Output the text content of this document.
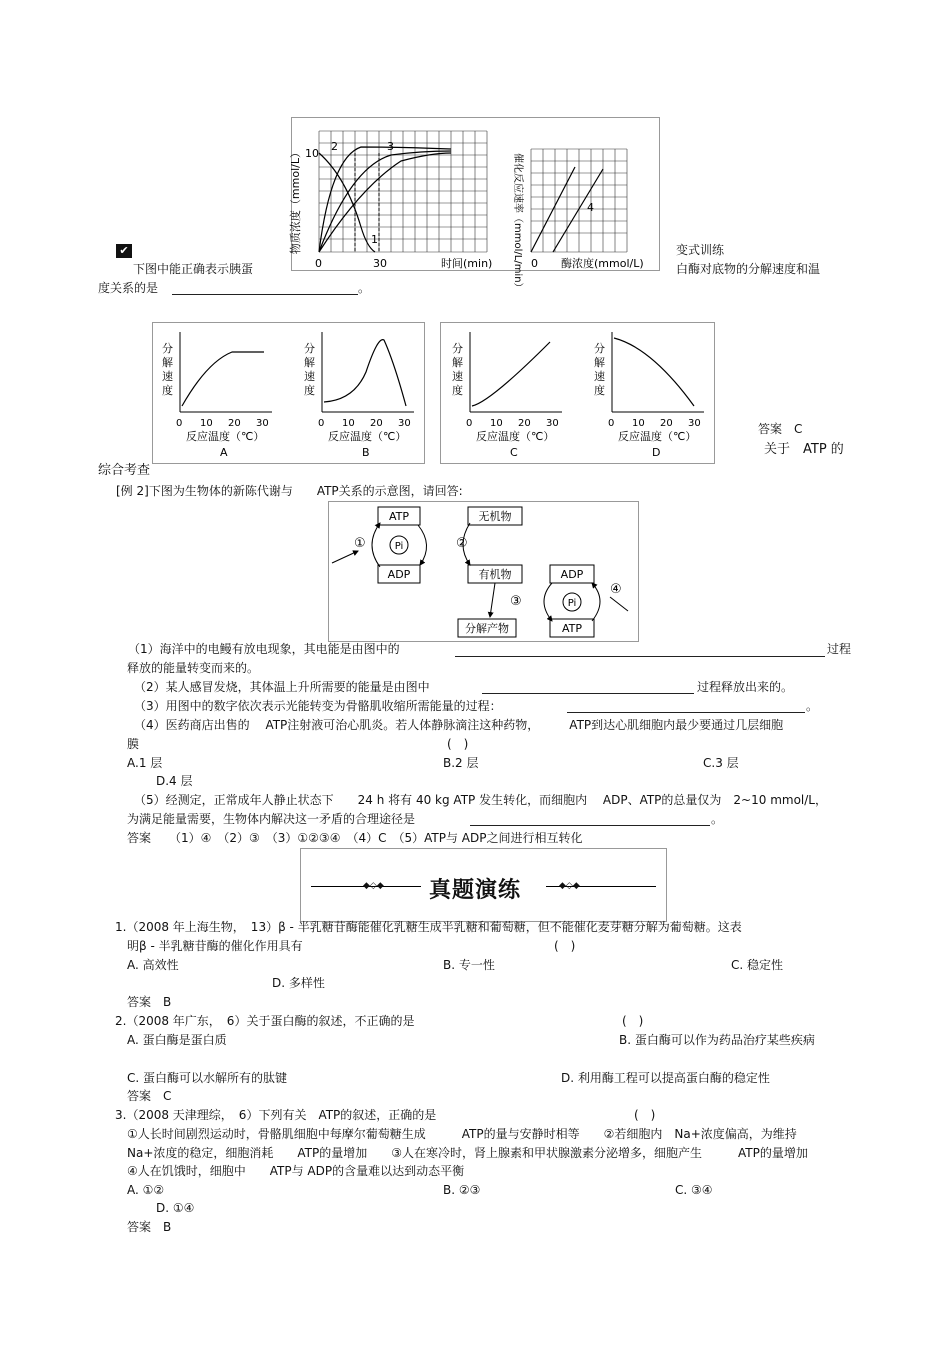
物质浓度（mmol/L） 10
0	30	时间(min)
1
2	3
催化反应速率（mmol/L/min） 0 酶浓度(mmol/L)
4
✔	变式训练
下图中能正确表示胰蛋	白酶对底物的分解速度和温
度关系的是	。
分
解
速
度
0 10 20 30
反应温度（℃）
A
分
解
速
度
0 10 20 30
反应温度（℃）
B
分
解
速
度
0 10 20 30
反应温度（℃）
C
分
解
速
度
0 10 20 30
反应温度（℃）
D
答案　C
关于　ATP 的
综合考查
[例 2]下图为生物体的新陈代谢与　　ATP关系的示意图，请回答:
ATP
ADP
Pi
①
无机物
有机物
②
分解产物
③
ADP
ATP
Pi
④
（1）海洋中的电鳗有放电现象，其电能是由图中的	过程
释放的能量转变而来的。
（2）某人感冒发烧，其体温上升所需要的能量是由图中	过程释放出来的。
（3）用图中的数字依次表示光能转变为骨骼肌收缩所需能量的过程：	。
（4）医药商店出售的　 ATP注射液可治心肌炎。若人体静脉滴注这种药物，　　　ATP到达心肌细胞内最少要通过几层细胞
膜	(　)
A.1 层	B.2 层	C.3 层
D.4 层
（5）经测定，正常成年人静止状态下　　24 h 将有 40 kg ATP 发生转化，而细胞内　 ADP、ATP的总量仅为　2~10 mmol/L，
为满足能量需要，生物体内解决这一矛盾的合理途径是	。
答案　　（1）④　（2）③　（3）①②③④　（4）C　（5）ATP与 ADP之间进行相互转化
◆◇◆	◆◇◆
真题演练
1.（2008 年上海生物，　13）β - 半乳糖苷酶能催化乳糖生成半乳糖和葡萄糖，但不能催化麦芽糖分解为葡萄糖。这表
明β - 半乳糖苷酶的催化作用具有	(　)
A. 高效性	B. 专一性	C. 稳定性
D. 多样性
答案　B
2.（2008 年广东，　6）关于蛋白酶的叙述，不正确的是	(　)
A. 蛋白酶是蛋白质	B. 蛋白酶可以作为药品治疗某些疾病
C. 蛋白酶可以水解所有的肽键	D. 利用酶工程可以提高蛋白酶的稳定性
答案　C
3.（2008 天津理综，　6）下列有关　ATP的叙述，正确的是	(　)
①人长时间剧烈运动时，骨骼肌细胞中每摩尔葡萄糖生成　　　ATP的量与安静时相等　　②若细胞内　Na+浓度偏高，为维持
Na+浓度的稳定，细胞消耗　　ATP的量增加　　③人在寒冷时，肾上腺素和甲状腺激素分泌增多，细胞产生　　　ATP的量增加
④人在饥饿时，细胞中　　ATP与 ADP的含量难以达到动态平衡
A. ①②	B. ②③	C. ③④
D. ①④
答案　B
